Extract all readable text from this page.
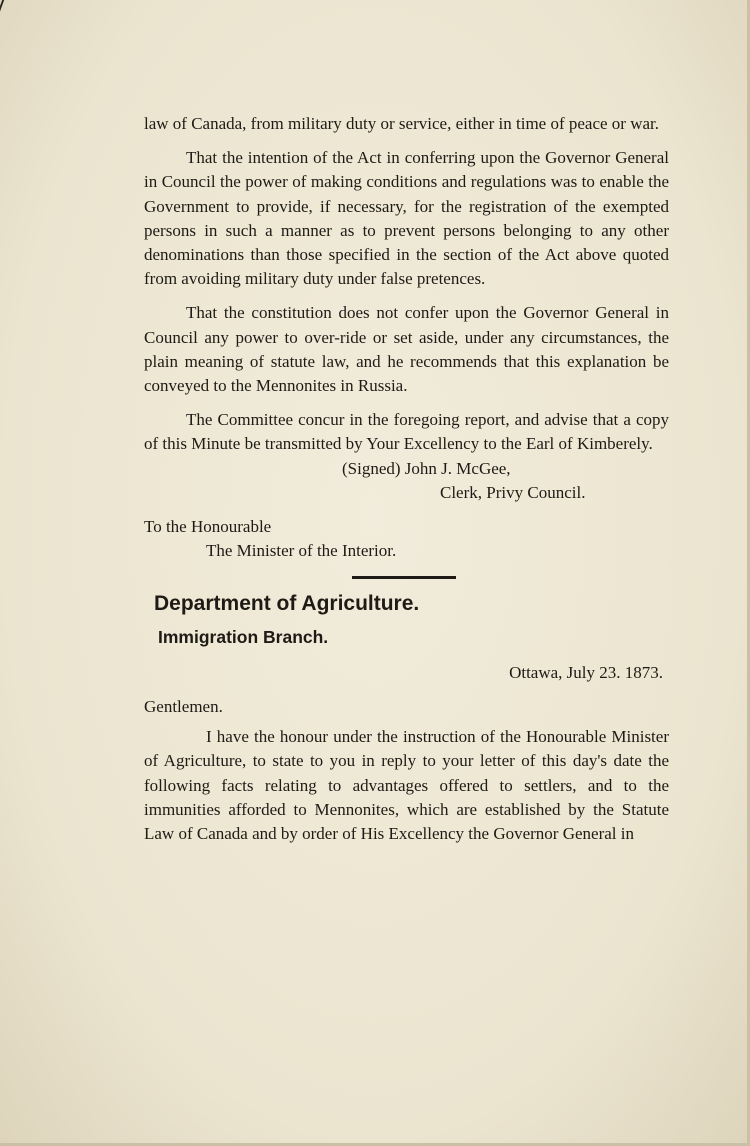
law of Canada, from military duty or service, either in time of peace or war.

That the intention of the Act in conferring upon the Governor General in Council the power of making conditions and regulations was to enable the Government to provide, if necessary, for the registration of the exempted persons in such a manner as to prevent persons belonging to any other denominations than those specified in the section of the Act above quoted from avoiding military duty under false pretences.

That the constitution does not confer upon the Governor General in Council any power to over-ride or set aside, under any circumstances, the plain meaning of statute law, and he recommends that this explanation be conveyed to the Mennonites in Russia.

The Committee concur in the foregoing report, and advise that a copy of this Minute be transmitted by Your Excellency to the Earl of Kimberely.

(Signed) John J. McGee,

Clerk, Privy Council.

To the Honourable

The Minister of the Interior.

Department of Agriculture.

Immigration Branch.

Ottawa, July 23. 1873.

Gentlemen.

I have the honour under the instruction of the Honourable Minister of Agriculture, to state to you in reply to your letter of this day's date the following facts relating to advantages offered to settlers, and to the immunities afforded to Mennonites, which are established by the Statute Law of Canada and by order of His Excellency the Governor General in
